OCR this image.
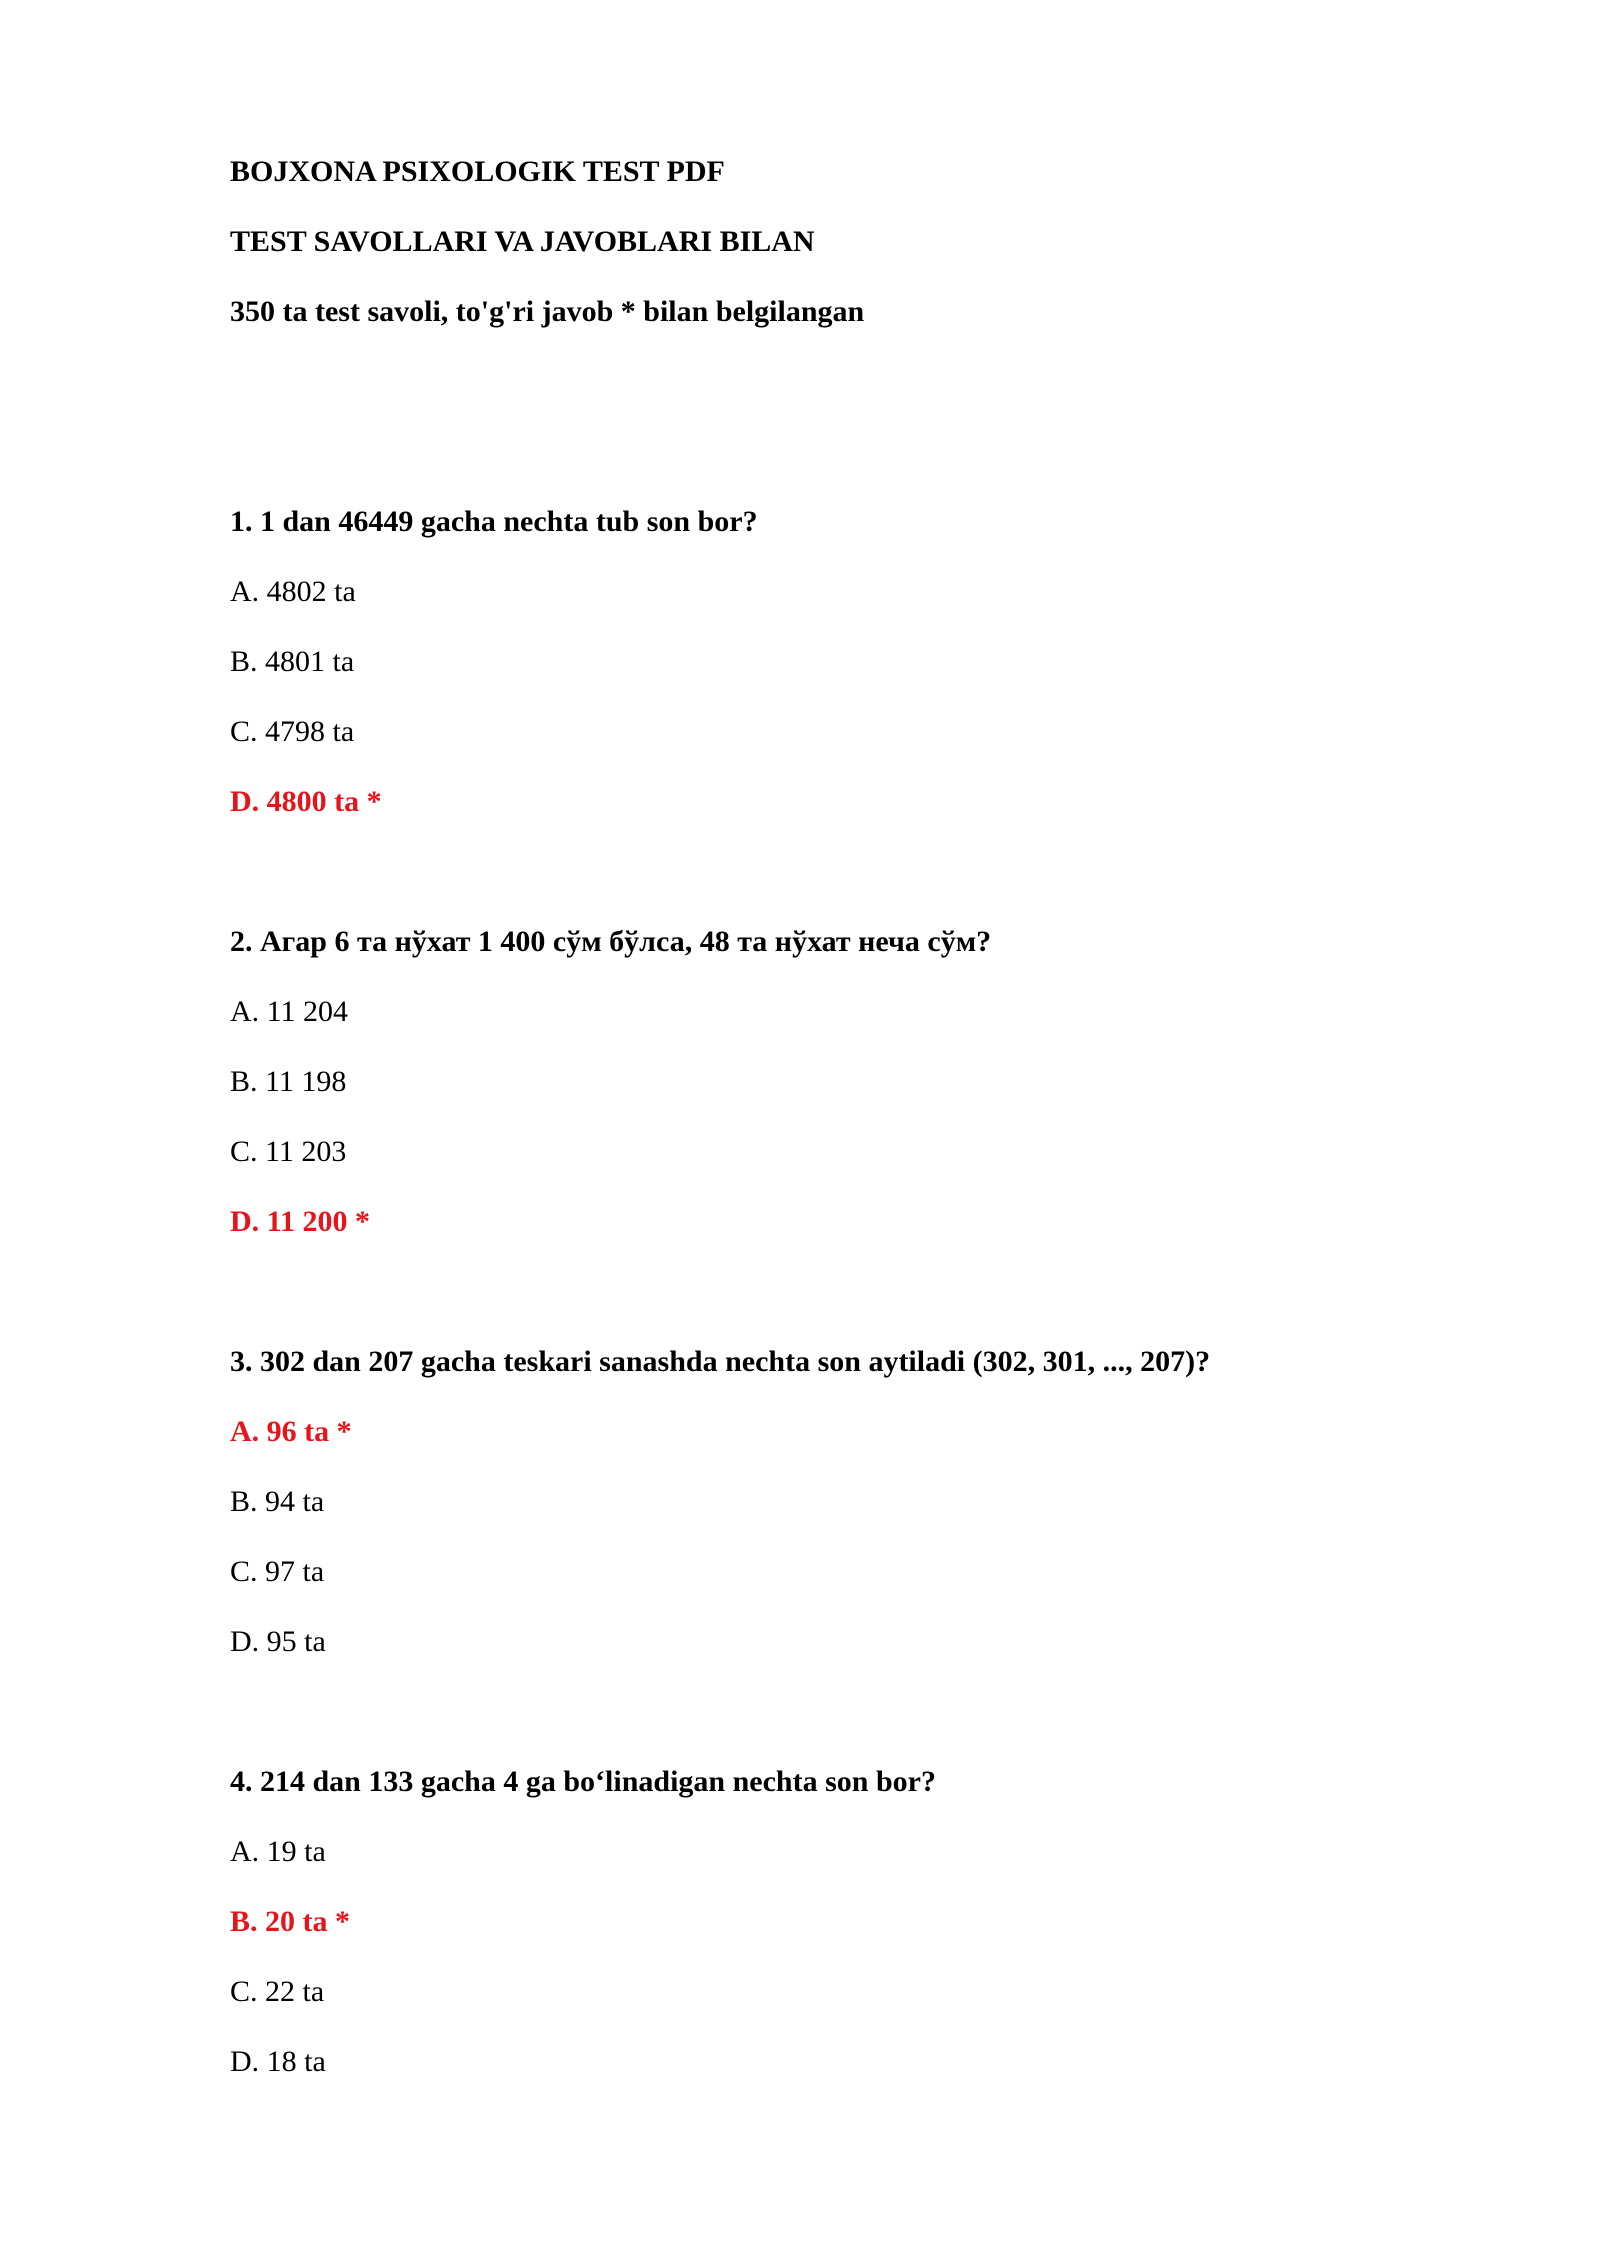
BOJXONA PSIXOLOGIK TEST PDF
TEST SAVOLLARI VA JAVOBLARI BILAN
350 ta test savoli, to'g'ri javob * bilan belgilangan
1. 1 dan 46449 gacha nechta tub son bor?
A. 4802 ta
B. 4801 ta
C. 4798 ta
D. 4800 ta *
2. Агар 6 та нўхат 1 400 сўм бўлса, 48 та нўхат неча сўм?
A. 11 204
B. 11 198
C. 11 203
D. 11 200 *
3. 302 dan 207 gacha teskari sanashda nechta son aytiladi (302, 301, ..., 207)?
A. 96 ta *
B. 94 ta
C. 97 ta
D. 95 ta
4. 214 dan 133 gacha 4 ga bo‘linadigan nechta son bor?
A. 19 ta
B. 20 ta *
C. 22 ta
D. 18 ta
